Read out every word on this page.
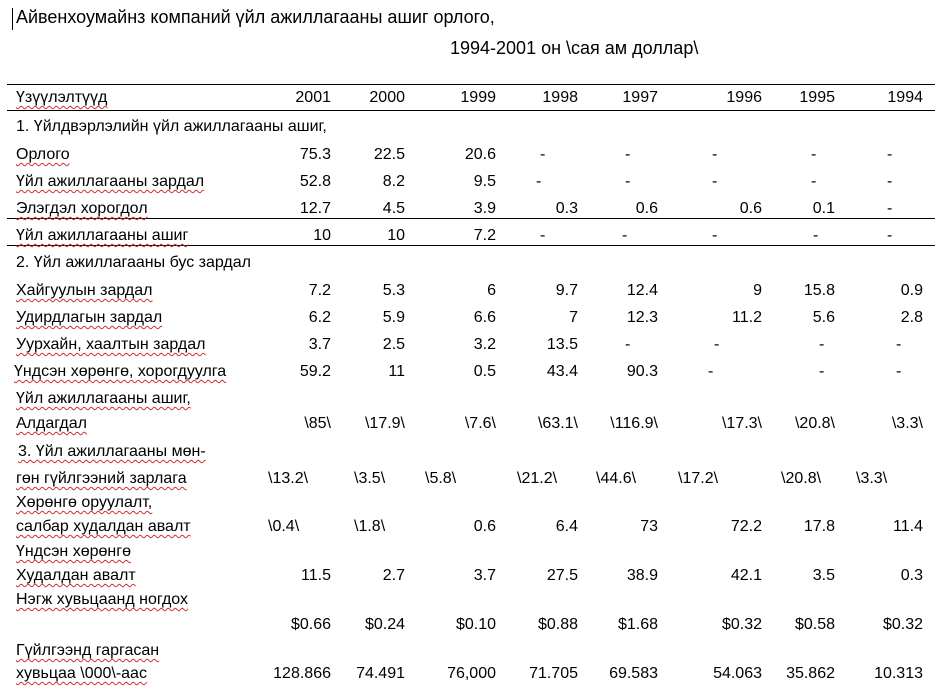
Айвенхоумайнз компаний үйл ажиллагааны ашиг орлого,
1994-2001 он \сая ам доллар\
Үзүүлэлтүүд	2001 2000	1999	1998	1997	1996 1995	1994
1. Үйлдвэрлэлийн үйл ажиллагааны ашиг,
Орлого	75.3	22.5	20.6	-	-	-	-	-
Үйл ажиллагааны зардал	52.8	8.2	9.5	-	-	-	-	-
Элэгдэл хорогдол	12.7	4.5	3.9	0.3	0.6	0.6	0.1	-
Үйл ажиллагааны ашиг	10	10	7.2	-	-	-	-	-
2. Үйл ажиллагааны бус зардал
Хайгуулын зардал	7.2	5.3	6	9.7	12.4	9	15.8	0.9
Удирдлагын зардал	6.2	5.9	6.6	7	12.3	11.2	5.6	2.8
Уурхайн, хаалтын зардал	3.7	2.5	3.2	13.5	-	-	-	-
Үндсэн хөрөнгө, хорогдуулга	59.2	11	0.5	43.4	90.3	-	-	-
Үйл ажиллагааны ашиг,
Алдагдал	\85\ \17.9\	\7.6\	\63.1\ \116.9\	\17.3\ \20.8\	\3.3\
3. Үйл ажиллагааны мөн-
гөн гүйлгээний зарлага	\13.2\	\3.5\ \5.8\	\21.2\ \44.6\	\17.2\	\20.8\ \3.3\
Хөрөнгө оруулалт,
салбар худалдан авалт	\0.4\	\1.8\	0.6	6.4	73	72.2	17.8	11.4
Үндсэн хөрөнгө
Худалдан авалт	11.5	2.7	3.7	27.5	38.9	42.1	3.5	0.3
Нэгж хувьцаанд ногдох
$0.66 $0.24	$0.10	$0.88 $1.68	$0.32 $0.58	$0.32
Гүйлгээнд гаргасан
хувьцаа \000\-аас	128.866 74.491	76,000 71.705 69.583	54.063 35.862 10.313
